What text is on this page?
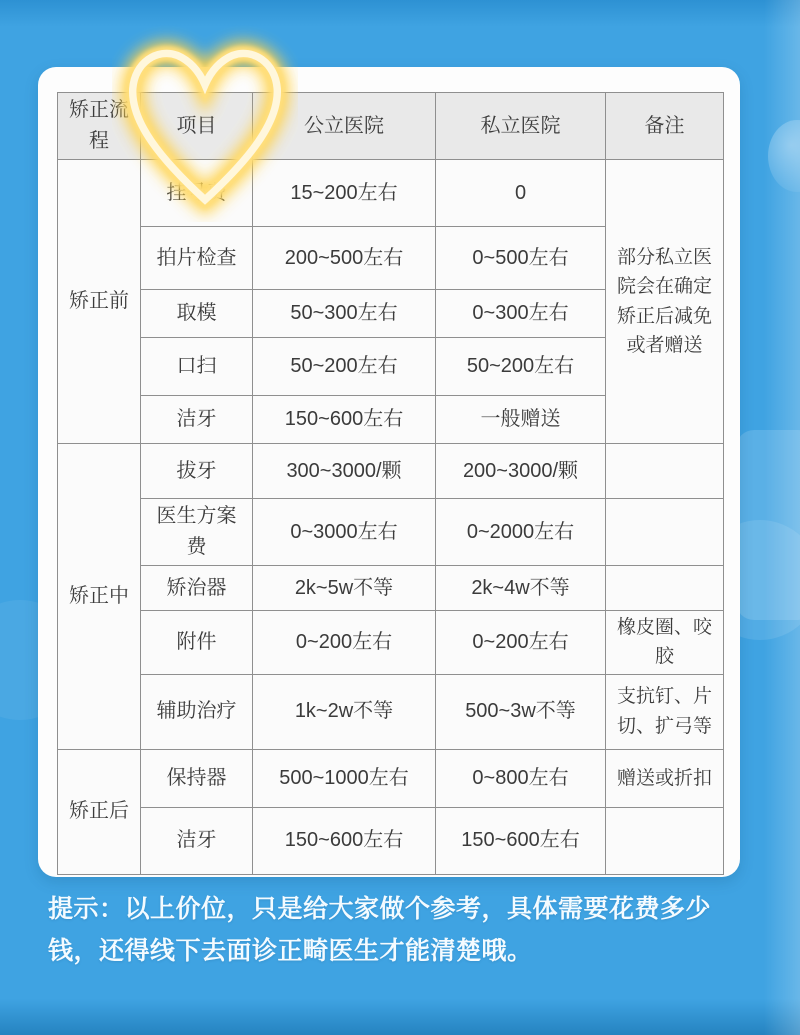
矫正流程	项目	公立医院	私立医院	备注
矫正前	挂号费	15~200左右	0	部分私立医院会在确定矫正后减免或者赠送
	拍片检查	200~500左右	0~500左右	
	取模	50~300左右	0~300左右	
	口扫	50~200左右	50~200左右	
	洁牙	150~600左右	一般赠送	
矫正中	拔牙	300~3000/颗	200~3000/颗	
	医生方案费	0~3000左右	0~2000左右	
	矫治器	2k~5w不等	2k~4w不等	
	附件	0~200左右	0~200左右	橡皮圈、咬胶
	辅助治疗	1k~2w不等	500~3w不等	支抗钉、片切、扩弓等
矫正后	保持器	500~1000左右	0~800左右	赠送或折扣
	洁牙	150~600左右	150~600左右	

提示：以上价位，只是给大家做个参考，具体需要花费多少钱，还得线下去面诊正畸医生才能清楚哦。
